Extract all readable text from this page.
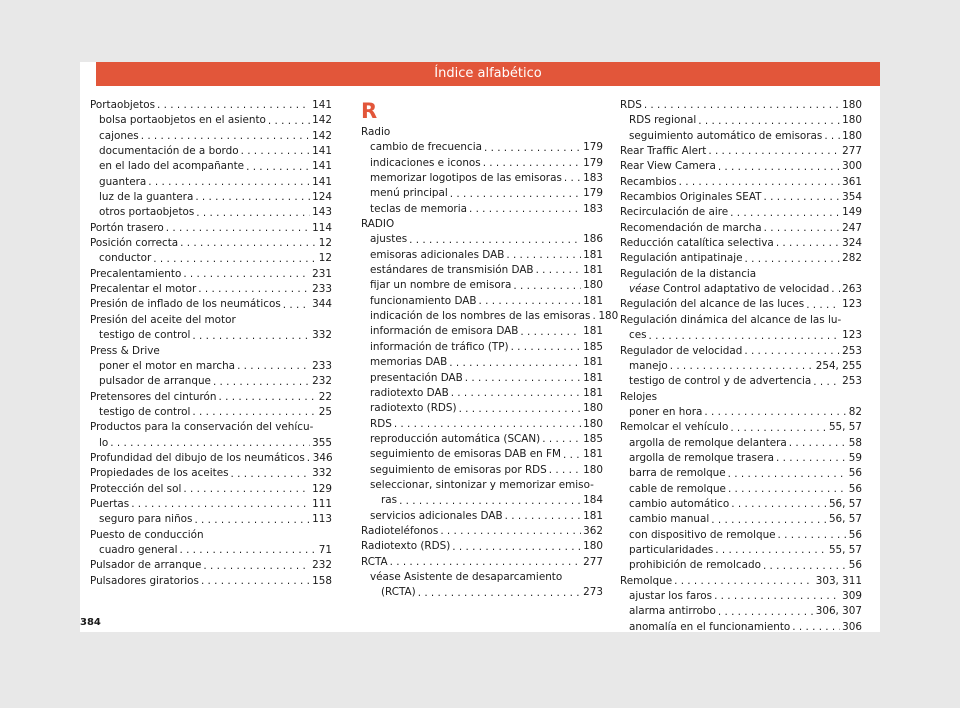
Índice alfabético
Portaobjetos . . .	141
bolsa portaobjetos en el asiento . . .	142
cajones . . .	142
documentación de a bordo . . .	141
en el lado del acompañante . . .	141
guantera . . .	141
luz de la guantera . . .	124
otros portaobjetos . . .	143
Portón trasero . . .	114
Posición correcta . . .	12
conductor . . .	12
Precalentamiento . . .	231
Precalentar el motor . . .	233
Presión de inflado de los neumáticos . . .	344
Presión del aceite del motor
testigo de control . . .	332
Press & Drive
poner el motor en marcha . . .	233
pulsador de arranque . . .	232
Pretensores del cinturón . . .	22
testigo de control . . .	25
Productos para la conservación del vehícu-
lo . . .	355
Profundidad del dibujo de los neumáticos . . . 346
Propiedades de los aceites . . .	332
Protección del sol . . .	129
Puertas . . .	111
seguro para niños . . .	113
Puesto de conducción
cuadro general . . .	71
Pulsador de arranque . . .	232
Pulsadores giratorios . . .	158
R
Radio
cambio de frecuencia . . .	179
indicaciones e iconos . . .	179
memorizar logotipos de las emisoras . . . 183
menú principal . . .	179
teclas de memoria . . .	183
RADIO
ajustes . . .	186
emisoras adicionales DAB . . .	181
estándares de transmisión DAB . . .	181
fijar un nombre de emisora . . .	180
funcionamiento DAB . . .	181
indicación de los nombres de las emisoras . . . 180
información de emisora DAB . . .	181
información de tráfico (TP) . . .	185
memorias DAB . . .	181
presentación DAB . . .	181
radiotexto DAB . . .	181
radiotexto (RDS) . . .	180
RDS . . .	180
reproducción automática (SCAN) . . .	185
seguimiento de emisoras DAB en FM . . . 181
seguimiento de emisoras por RDS . . .	180
seleccionar, sintonizar y memorizar emiso-
ras . . .	184
servicios adicionales DAB . . .	181
Radioteléfonos . . .	362
Radiotexto (RDS) . . .	180
RCTA . . .	277
véase Asistente de desaparcamiento
(RCTA) . . .	273
RDS . . .	180
RDS regional . . .	180
seguimiento automático de emisoras . . . 180
Rear Traffic Alert . . .	277
Rear View Camera . . .	300
Recambios . . .	361
Recambios Originales SEAT . . .	354
Recirculación de aire . . .	149
Recomendación de marcha . . .	247
Reducción catalítica selectiva . . .	324
Regulación antipatinaje . . .	282
Regulación de la distancia
véase Control adaptativo de velocidad . . . 263
Regulación del alcance de las luces . . .	123
Regulación dinámica del alcance de las lu-
ces . . .	123
Regulador de velocidad . . .	253
manejo . . .	254, 255
testigo de control y de advertencia . . .	253
Relojes
poner en hora . . .	82
Remolcar el vehículo . . .	55, 57
argolla de remolque delantera . . .	58
argolla de remolque trasera . . .	59
barra de remolque . . .	56
cable de remolque . . .	56
cambio automático . . .	56, 57
cambio manual . . .	56, 57
con dispositivo de remolque . . .	56
particularidades . . .	55, 57
prohibición de remolcado . . .	56
Remolque . . .	303, 311
ajustar los faros . . .	309
alarma antirrobo . . .	306, 307
anomalía en el funcionamiento . . .	306
384
